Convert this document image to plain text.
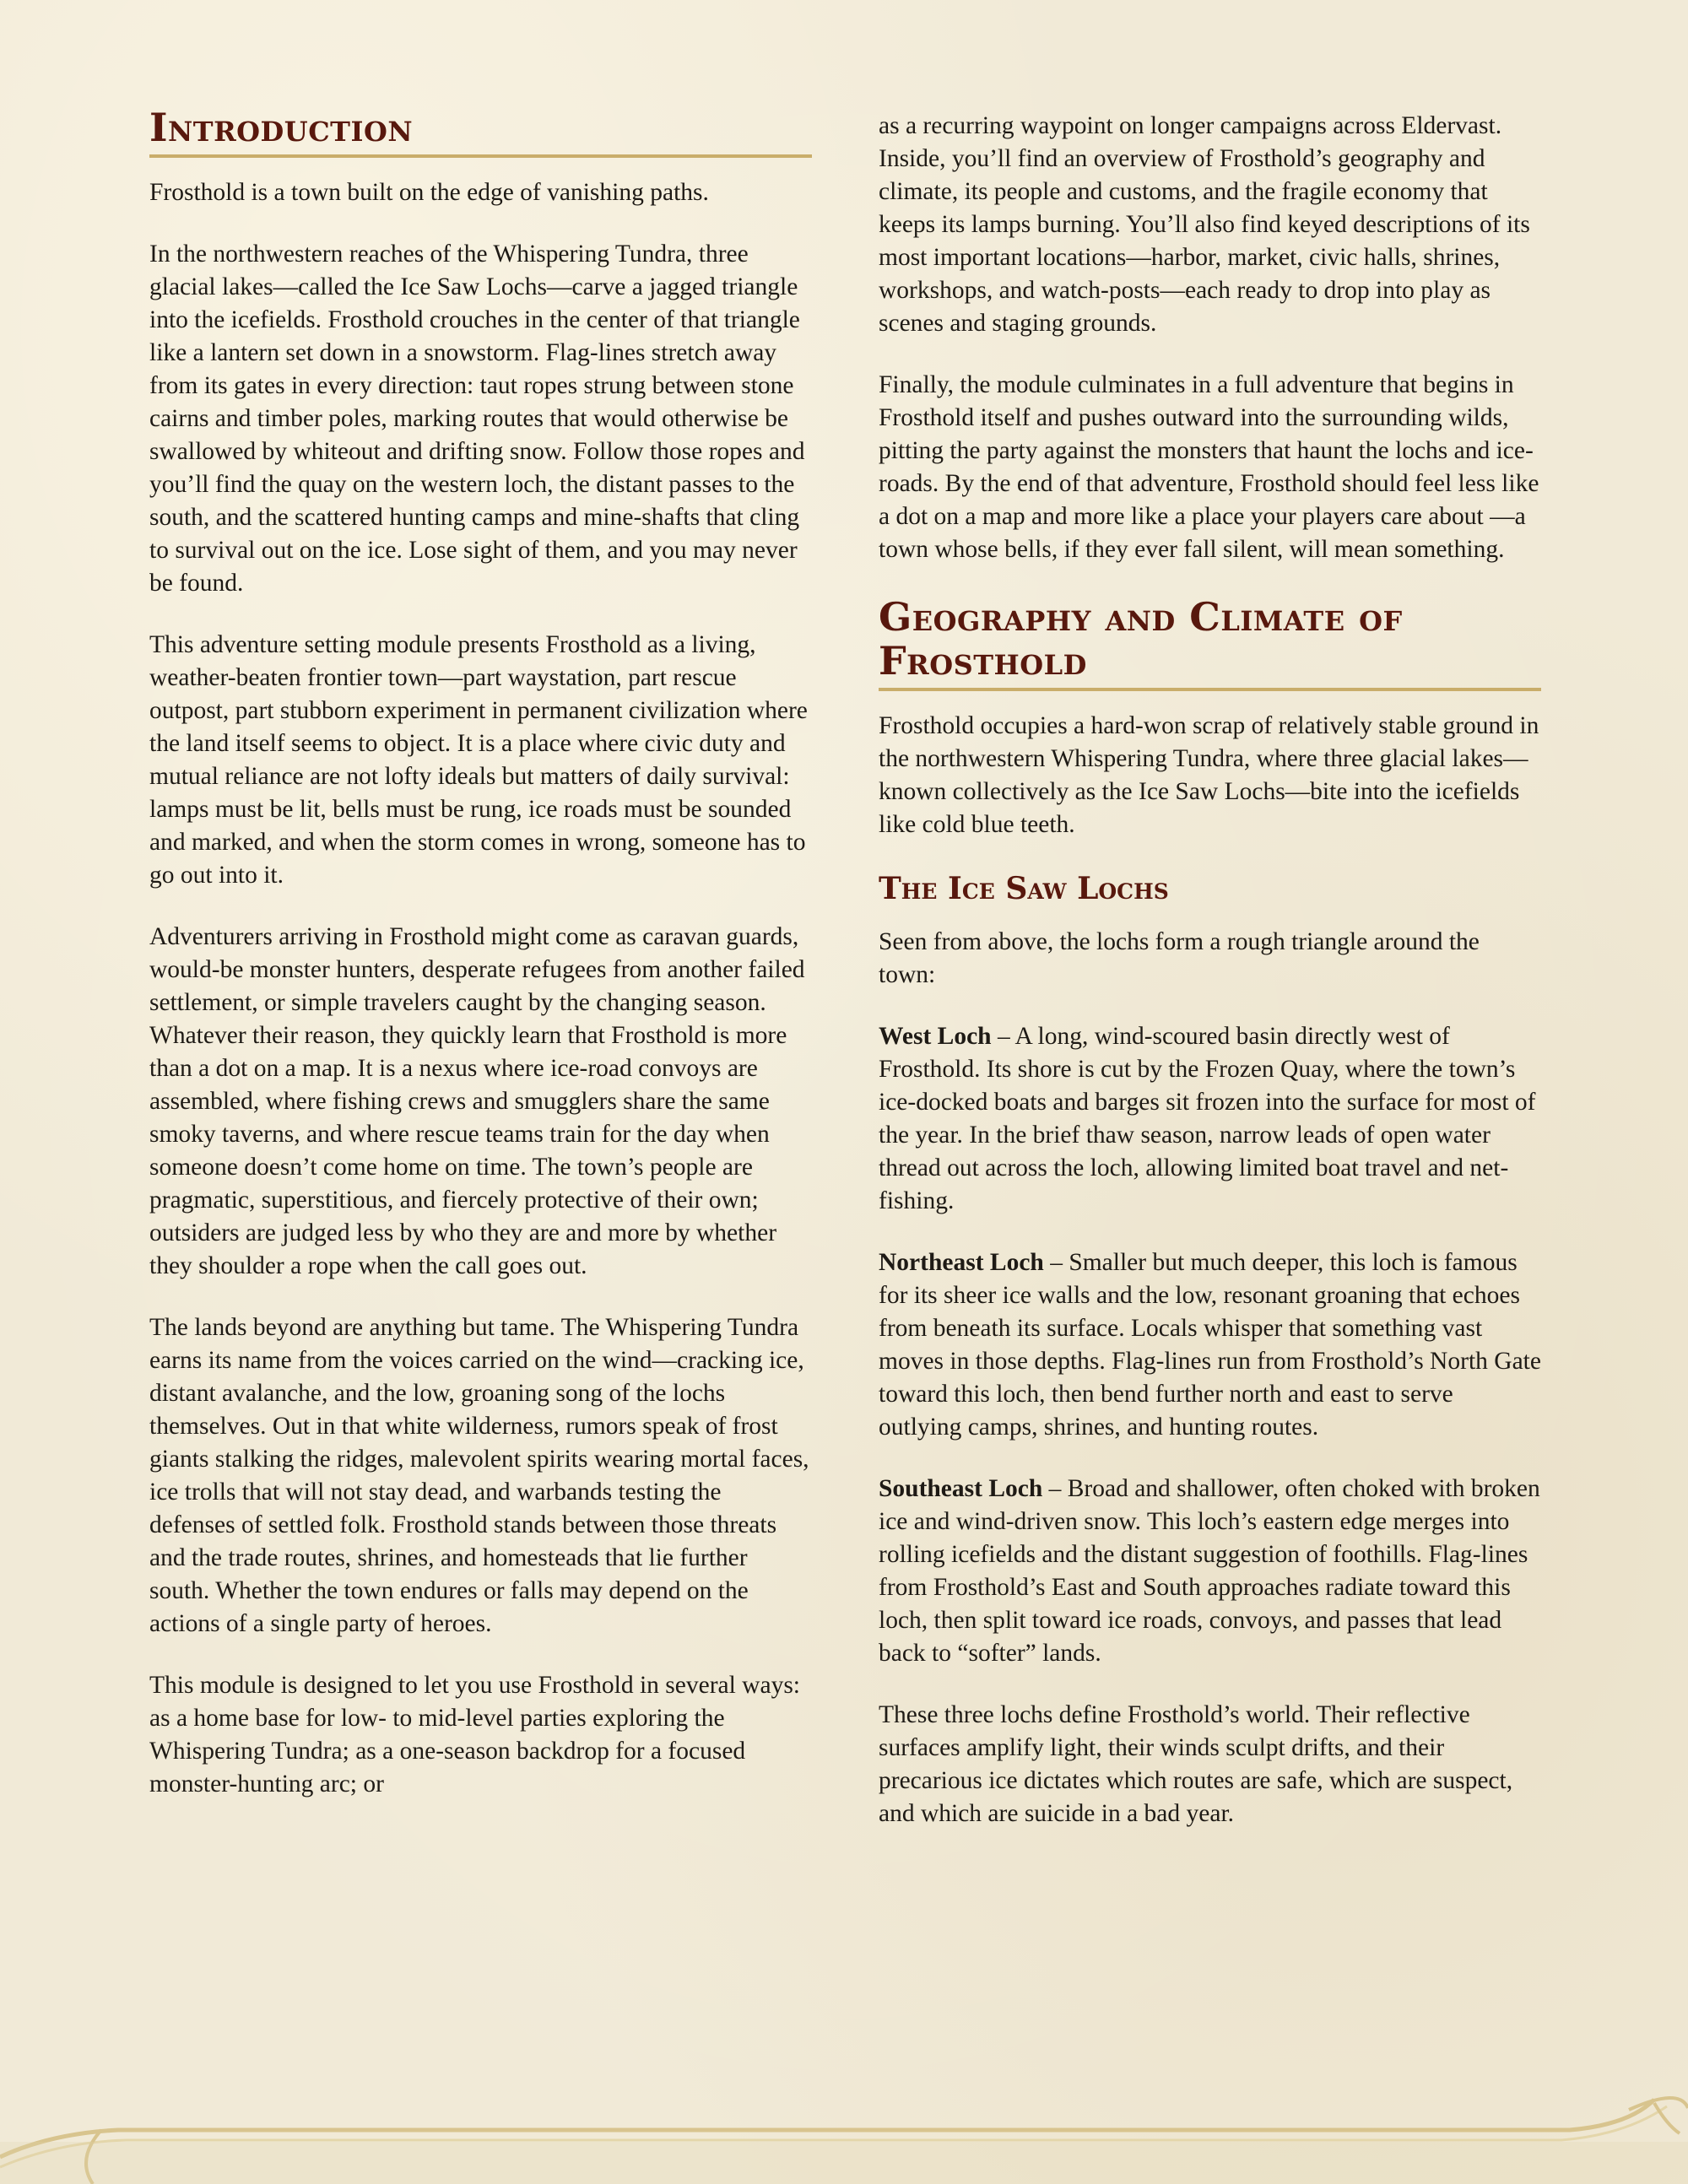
Introduction

Frosthold is a town built on the edge of vanishing paths.

In the northwestern reaches of the Whispering Tundra, three glacial lakes—called the Ice Saw Lochs—carve a jagged triangle into the icefields. Frosthold crouches in the center of that triangle like a lantern set down in a snowstorm. Flag-lines stretch away from its gates in every direction: taut ropes strung between stone cairns and timber poles, marking routes that would otherwise be swallowed by whiteout and drifting snow. Follow those ropes and you’ll find the quay on the western loch, the distant passes to the south, and the scattered hunting camps and mine-shafts that cling to survival out on the ice. Lose sight of them, and you may never be found.

This adventure setting module presents Frosthold as a living, weather-beaten frontier town—part waystation, part rescue outpost, part stubborn experiment in permanent civilization where the land itself seems to object. It is a place where civic duty and mutual reliance are not lofty ideals but matters of daily survival: lamps must be lit, bells must be rung, ice roads must be sounded and marked, and when the storm comes in wrong, someone has to go out into it.

Adventurers arriving in Frosthold might come as caravan guards, would-be monster hunters, desperate refugees from another failed settlement, or simple travelers caught by the changing season. Whatever their reason, they quickly learn that Frosthold is more than a dot on a map. It is a nexus where ice-road convoys are assembled, where fishing crews and smugglers share the same smoky taverns, and where rescue teams train for the day when someone doesn’t come home on time. The town’s people are pragmatic, superstitious, and fiercely protective of their own; outsiders are judged less by who they are and more by whether they shoulder a rope when the call goes out.

The lands beyond are anything but tame. The Whispering Tundra earns its name from the voices carried on the wind—cracking ice, distant avalanche, and the low, groaning song of the lochs themselves. Out in that white wilderness, rumors speak of frost giants stalking the ridges, malevolent spirits wearing mortal faces, ice trolls that will not stay dead, and warbands testing the defenses of settled folk. Frosthold stands between those threats and the trade routes, shrines, and homesteads that lie further south. Whether the town endures or falls may depend on the actions of a single party of heroes.

This module is designed to let you use Frosthold in several ways: as a home base for low- to mid-level parties exploring the Whispering Tundra; as a one-season backdrop for a focused monster-hunting arc; or

as a recurring waypoint on longer campaigns across Eldervast. Inside, you’ll find an overview of Frosthold’s geography and climate, its people and customs, and the fragile economy that keeps its lamps burning. You’ll also find keyed descriptions of its most important locations—harbor, market, civic halls, shrines, workshops, and watch-posts—each ready to drop into play as scenes and staging grounds.

Finally, the module culminates in a full adventure that begins in Frosthold itself and pushes outward into the surrounding wilds, pitting the party against the monsters that haunt the lochs and ice-roads. By the end of that adventure, Frosthold should feel less like a dot on a map and more like a place your players care about —a town whose bells, if they ever fall silent, will mean something.

Geography and Climate of Frosthold

Frosthold occupies a hard-won scrap of relatively stable ground in the northwestern Whispering Tundra, where three glacial lakes—known collectively as the Ice Saw Lochs—bite into the icefields like cold blue teeth.

The Ice Saw Lochs

Seen from above, the lochs form a rough triangle around the town:

West Loch – A long, wind-scoured basin directly west of Frosthold. Its shore is cut by the Frozen Quay, where the town’s ice-docked boats and barges sit frozen into the surface for most of the year. In the brief thaw season, narrow leads of open water thread out across the loch, allowing limited boat travel and net-fishing.

Northeast Loch – Smaller but much deeper, this loch is famous for its sheer ice walls and the low, resonant groaning that echoes from beneath its surface. Locals whisper that something vast moves in those depths. Flag-lines run from Frosthold’s North Gate toward this loch, then bend further north and east to serve outlying camps, shrines, and hunting routes.

Southeast Loch – Broad and shallower, often choked with broken ice and wind-driven snow. This loch’s eastern edge merges into rolling icefields and the distant suggestion of foothills. Flag-lines from Frosthold’s East and South approaches radiate toward this loch, then split toward ice roads, convoys, and passes that lead back to “softer” lands.

These three lochs define Frosthold’s world. Their reflective surfaces amplify light, their winds sculpt drifts, and their precarious ice dictates which routes are safe, which are suspect, and which are suicide in a bad year.
